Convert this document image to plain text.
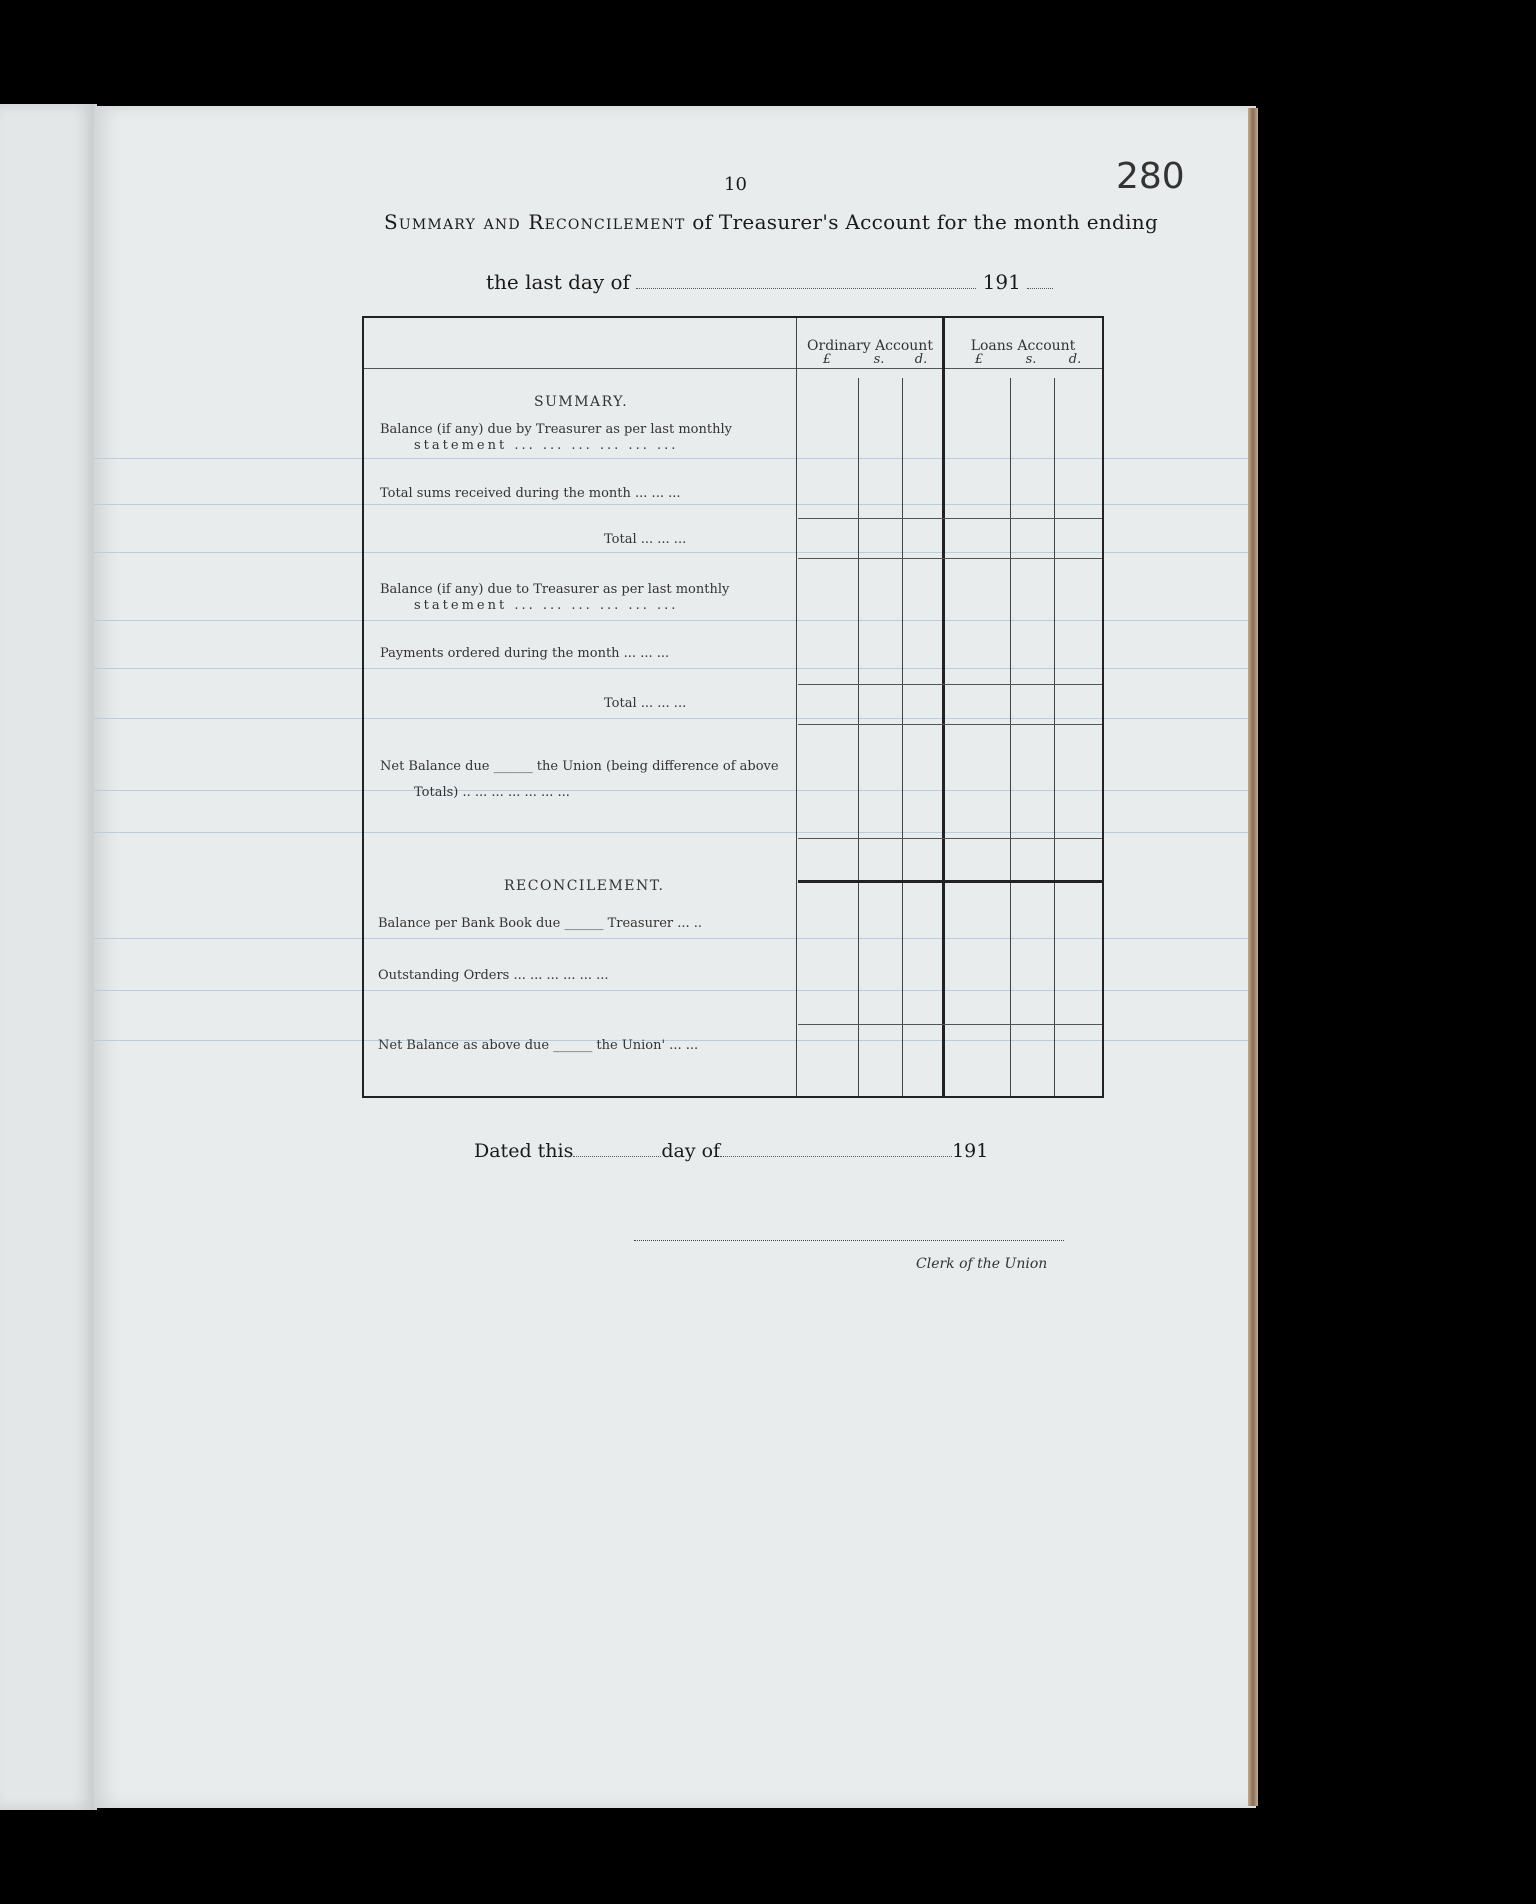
280
10
Summary and Reconcilement of Treasurer's Account for the month ending
the last day of	191
Ordinary Account	Loans Account
£	s.	d.	£	s.	d.
SUMMARY.
Balance (if any) due by Treasurer as per last monthly
statement ... ... ... ... ... ...
Total sums received during the month ... ... ...
Total ... ... ...
Balance (if any) due to Treasurer as per last monthly
statement ... ... ... ... ... ...
Payments ordered during the month ... ... ...
Total ... ... ...
Net Balance due ______ the Union (being difference of above
Totals) .. ... ... ... ... ... ...
RECONCILEMENT.
Balance per Bank Book due ______ Treasurer ... ..
Outstanding Orders ... ... ... ... ... ...
Net Balance as above due ______ the Union' ... ...
Dated this	day of	191
Clerk of the Union
